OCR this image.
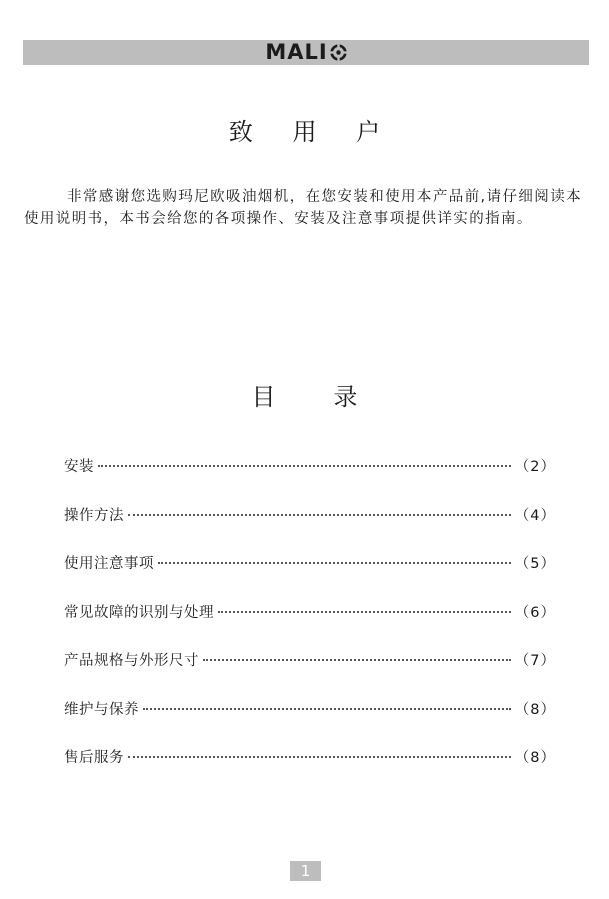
MALI
致 用 户

非常感谢您选购玛尼欧吸油烟机，在您安装和使用本产品前,请仔细阅读本使用说明书，本书会给您的各项操作、安装及注意事项提供详实的指南。

目 录
安装	（2）
操作方法	（4）
使用注意事项	（5）
常见故障的识别与处理	（6）
产品规格与外形尺寸	（7）
维护与保养	（8）
售后服务	（8）
1
